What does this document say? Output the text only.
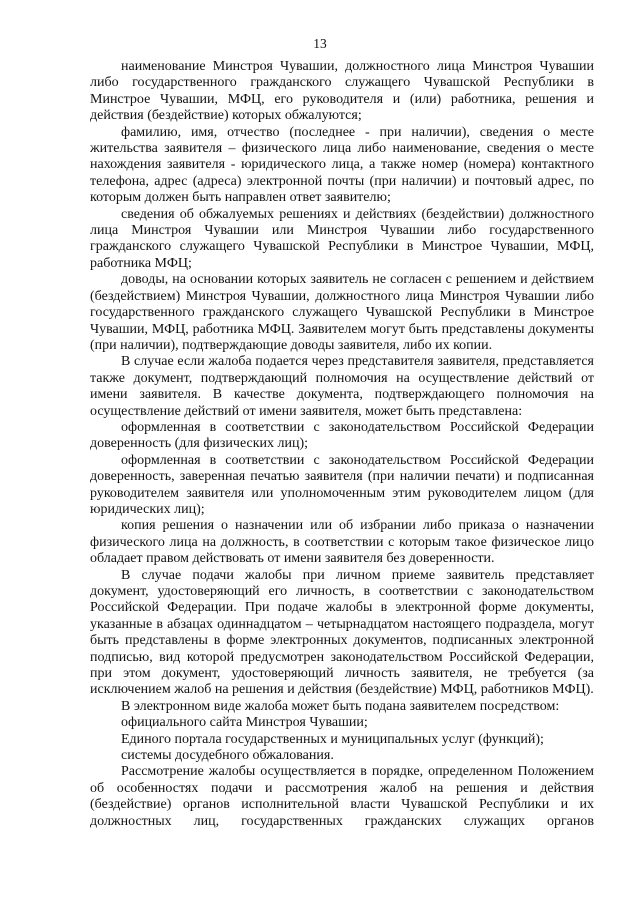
13

наименование Минстроя Чувашии, должностного лица Минстроя Чувашии либо государственного гражданского служащего Чувашской Республики в Минстрое Чувашии, МФЦ, его руководителя и (или) работника, решения и действия (бездействие) которых обжалуются;

фамилию, имя, отчество (последнее - при наличии), сведения о месте жительства заявителя – физического лица либо наименование, сведения о месте нахождения заявителя - юридического лица, а также номер (номера) контактного телефона, адрес (адреса) электронной почты (при наличии) и почтовый адрес, по которым должен быть направлен ответ заявителю;

сведения об обжалуемых решениях и действиях (бездействии) должностного лица Минстроя Чувашии или Минстроя Чувашии либо государственного гражданского служащего Чувашской Республики в Минстрое Чувашии, МФЦ, работника МФЦ;

доводы, на основании которых заявитель не согласен с решением и действием (бездействием) Минстроя Чувашии, должностного лица Минстроя Чувашии либо государственного гражданского служащего Чувашской Республики в Минстрое Чувашии, МФЦ, работника МФЦ. Заявителем могут быть представлены документы (при наличии), подтверждающие доводы заявителя, либо их копии.

В случае если жалоба подается через представителя заявителя, представляется также документ, подтверждающий полномочия на осуществление действий от имени заявителя. В качестве документа, подтверждающего полномочия на осуществление действий от имени заявителя, может быть представлена:

оформленная в соответствии с законодательством Российской Федерации доверенность (для физических лиц);

оформленная в соответствии с законодательством Российской Федерации доверенность, заверенная печатью заявителя (при наличии печати) и подписанная руководителем заявителя или уполномоченным этим руководителем лицом (для юридических лиц);

копия решения о назначении или об избрании либо приказа о назначении физического лица на должность, в соответствии с которым такое физическое лицо обладает правом действовать от имени заявителя без доверенности.

В случае подачи жалобы при личном приеме заявитель представляет документ, удостоверяющий его личность, в соответствии с законодательством Российской Федерации. При подаче жалобы в электронной форме документы, указанные в абзацах одиннадцатом – четырнадцатом настоящего подраздела, могут быть представлены в форме электронных документов, подписанных электронной подписью, вид которой предусмотрен законодательством Российской Федерации, при этом документ, удостоверяющий личность заявителя, не требуется (за исключением жалоб на решения и действия (бездействие) МФЦ, работников МФЦ).

В электронном виде жалоба может быть подана заявителем посредством:

официального сайта Минстроя Чувашии;

Единого портала государственных и муниципальных услуг (функций);

системы досудебного обжалования.

Рассмотрение жалобы осуществляется в порядке, определенном Положением об особенностях подачи и рассмотрения жалоб на решения и действия (бездействие) органов исполнительной власти Чувашской Республики и их должностных лиц, государственных гражданских служащих органов
